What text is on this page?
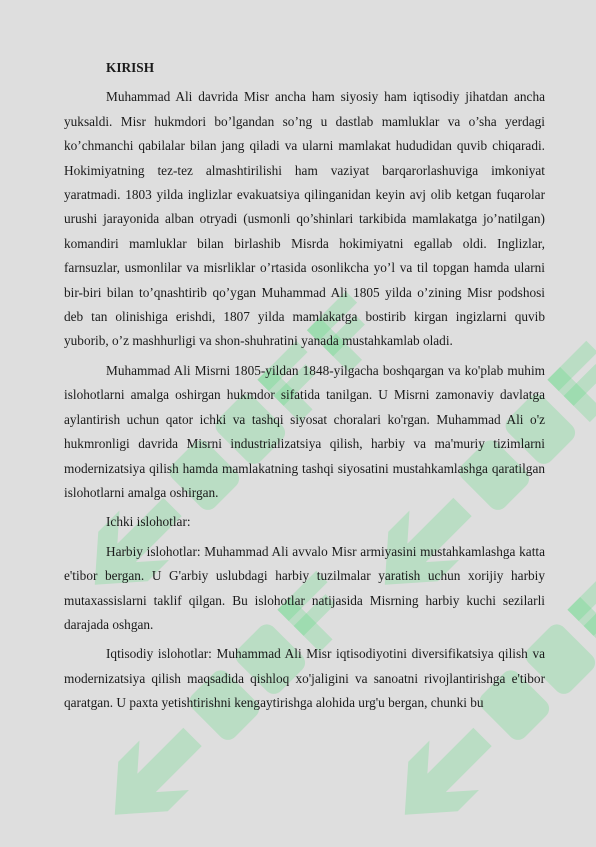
KIRISH

Muhammad Ali davrida Misr ancha ham siyosiy ham iqtisodiy jihatdan ancha yuksaldi. Misr hukmdori bo’lgandan so’ng u dastlab mamluklar va o’sha yerdagi ko’chmanchi qabilalar bilan jang qiladi va ularni mamlakat hududidan quvib chiqaradi. Hokimiyatning tez-tez almashtirilishi ham vaziyat barqarorlashuviga imkoniyat yaratmadi. 1803 yilda inglizlar evakuatsiya qilinganidan keyin avj olib ketgan fuqarolar urushi jarayonida alban otryadi (usmonli qo’shinlari tarkibida mamlakatga jo’natilgan) komandiri mamluklar bilan birlashib Misrda hokimiyatni egallab oldi. Inglizlar, farnsuzlar, usmonlilar va misrliklar o’rtasida osonlikcha yo’l va til topgan hamda ularni bir-biri bilan to’qnashtirib qo’ygan Muhammad Ali 1805 yilda o’zining Misr podshosi deb tan olinishiga erishdi, 1807 yilda mamlakatga bostirib kirgan ingizlarni quvib yuborib, o’z mashhurligi va shon-shuhratini yanada mustahkamlab oladi.

Muhammad Ali Misrni 1805-yildan 1848-yilgacha boshqargan va ko'plab muhim islohotlarni amalga oshirgan hukmdor sifatida tanilgan. U Misrni zamonaviy davlatga aylantirish uchun qator ichki va tashqi siyosat choralari ko'rgan. Muhammad Ali o'z hukmronligi davrida Misrni industrializatsiya qilish, harbiy va ma'muriy tizimlarni modernizatsiya qilish hamda mamlakatning tashqi siyosatini mustahkamlashga qaratilgan islohotlarni amalga oshirgan.

Ichki islohotlar:

Harbiy islohotlar: Muhammad Ali avvalo Misr armiyasini mustahkamlashga katta e'tibor bergan. U G'arbiy uslubdagi harbiy tuzilmalar yaratish uchun xorijiy harbiy mutaxassislarni taklif qilgan. Bu islohotlar natijasida Misrning harbiy kuchi sezilarli darajada oshgan.

Iqtisodiy islohotlar: Muhammad Ali Misr iqtisodiyotini diversifikatsiya qilish va modernizatsiya qilish maqsadida qishloq xo'jaligini va sanoatni rivojlantirishga e'tibor qaratgan. U paxta yetishtirishni kengaytirishga alohida urg'u bergan, chunki bu
